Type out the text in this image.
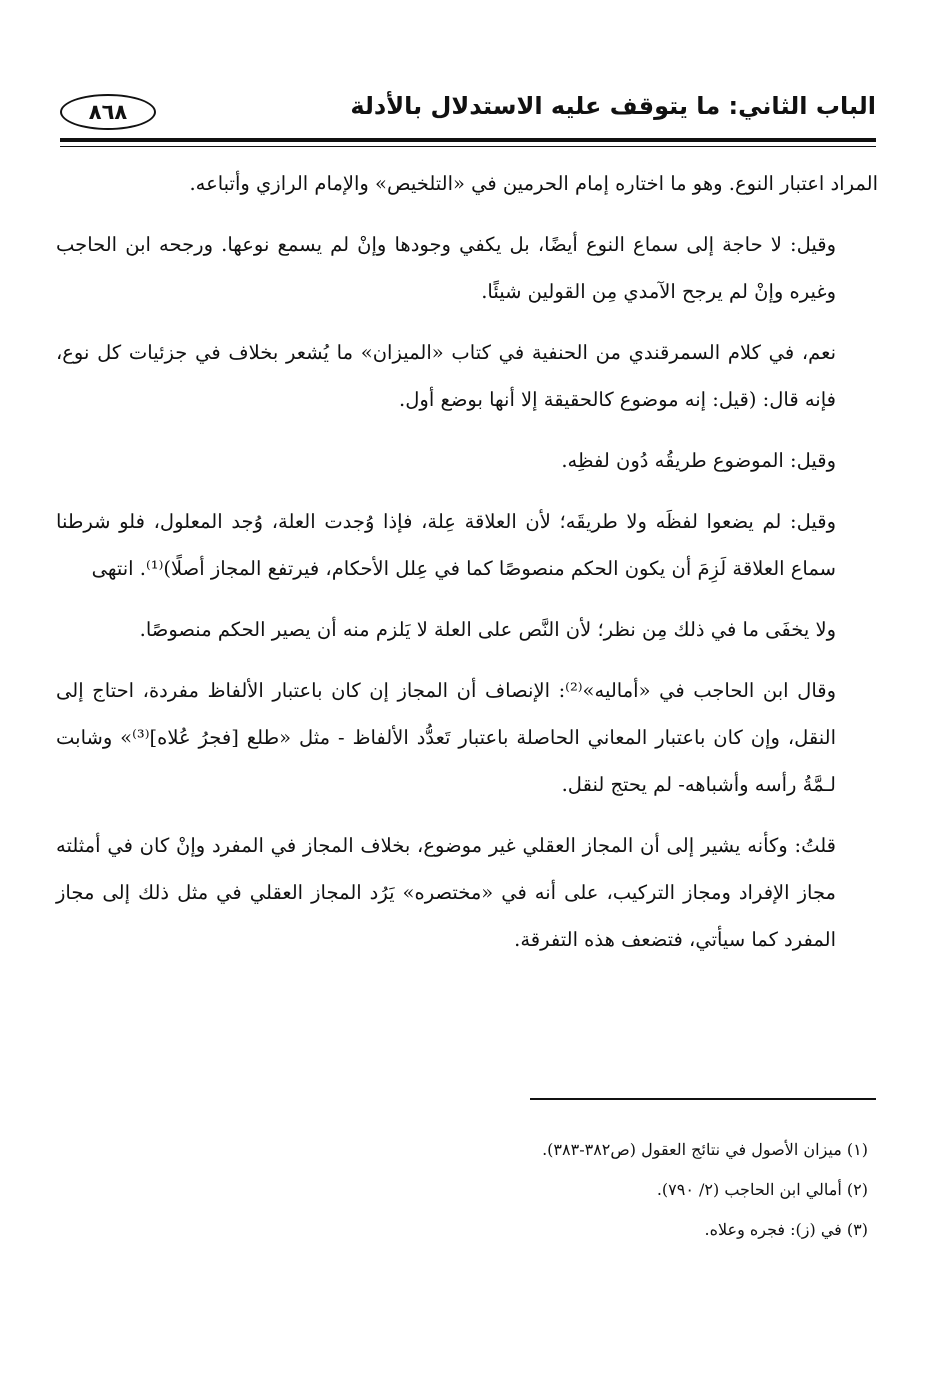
الباب الثاني: ما يتوقف عليه الاستدلال بالأدلة
٨٦٨

المراد اعتبار النوع. وهو ما اختاره إمام الحرمين في «التلخيص» والإمام الرازي وأتباعه.

وقيل: لا حاجة إلى سماع النوع أيضًا، بل يكفي وجودها وإنْ لم يسمع نوعها. ورجحه ابن الحاجب وغيره وإنْ لم يرجح الآمدي مِن القولين شيئًا.

نعم، في كلام السمرقندي من الحنفية في كتاب «الميزان» ما يُشعر بخلاف في جزئيات كل نوع، فإنه قال: (قيل: إنه موضوع كالحقيقة إلا أنها بوضع أول.

وقيل: الموضوع طريقُه دُون لفظِه.

وقيل: لم يضعوا لفظَه ولا طريقَه؛ لأن العلاقة عِلة، فإذا وُجدت العلة، وُجد المعلول، فلو شرطنا سماع العلاقة لَزِمَ أن يكون الحكم منصوصًا كما في عِلل الأحكام، فيرتفع المجاز أصلًا)⁽¹⁾. انتهى

ولا يخفَى ما في ذلك مِن نظر؛ لأن النَّص على العلة لا يَلزم منه أن يصير الحكم منصوصًا.

وقال ابن الحاجب في «أماليه»⁽²⁾: الإنصاف أن المجاز إن كان باعتبار الألفاظ مفردة، احتاج إلى النقل، وإن كان باعتبار المعاني الحاصلة باعتبار تَعدُّد الألفاظ - مثل «طلع [فجرُ عُلاه]⁽³⁾» وشابت لـمَّةُ رأسه وأشباهه- لم يحتج لنقل.

قلتُ: وكأنه يشير إلى أن المجاز العقلي غير موضوع، بخلاف المجاز في المفرد وإنْ كان في أمثلته مجاز الإفراد ومجاز التركيب، على أنه في «مختصره» يَرُد المجاز العقلي في مثل ذلك إلى مجاز المفرد كما سيأتي، فتضعف هذه التفرقة.

(١) ميزان الأصول في نتائج العقول (ص٣٨٢-٣٨٣).

(٢) أمالي ابن الحاجب (٢/ ٧٩٠).

(٣) في (ز): فجره وعلاه.
